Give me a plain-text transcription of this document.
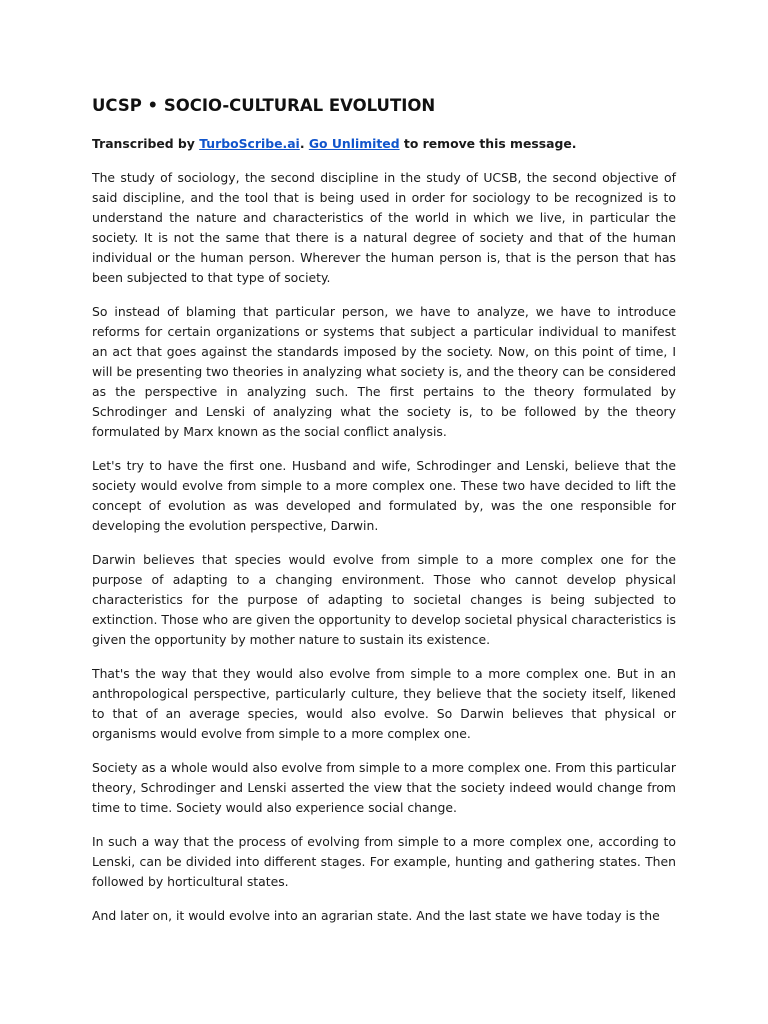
UCSP • SOCIO-CULTURAL EVOLUTION

Transcribed by TurboScribe.ai. Go Unlimited to remove this message.

The study of sociology, the second discipline in the study of UCSB, the second objective of said discipline, and the tool that is being used in order for sociology to be recognized is to understand the nature and characteristics of the world in which we live, in particular the society. It is not the same that there is a natural degree of society and that of the human individual or the human person. Wherever the human person is, that is the person that has been subjected to that type of society.

So instead of blaming that particular person, we have to analyze, we have to introduce reforms for certain organizations or systems that subject a particular individual to manifest an act that goes against the standards imposed by the society. Now, on this point of time, I will be presenting two theories in analyzing what society is, and the theory can be considered as the perspective in analyzing such. The first pertains to the theory formulated by Schrodinger and Lenski of analyzing what the society is, to be followed by the theory formulated by Marx known as the social conflict analysis.

Let's try to have the first one. Husband and wife, Schrodinger and Lenski, believe that the society would evolve from simple to a more complex one. These two have decided to lift the concept of evolution as was developed and formulated by, was the one responsible for developing the evolution perspective, Darwin.

Darwin believes that species would evolve from simple to a more complex one for the purpose of adapting to a changing environment. Those who cannot develop physical characteristics for the purpose of adapting to societal changes is being subjected to extinction. Those who are given the opportunity to develop societal physical characteristics is given the opportunity by mother nature to sustain its existence.

That's the way that they would also evolve from simple to a more complex one. But in an anthropological perspective, particularly culture, they believe that the society itself, likened to that of an average species, would also evolve. So Darwin believes that physical or organisms would evolve from simple to a more complex one.

Society as a whole would also evolve from simple to a more complex one. From this particular theory, Schrodinger and Lenski asserted the view that the society indeed would change from time to time. Society would also experience social change.

In such a way that the process of evolving from simple to a more complex one, according to Lenski, can be divided into different stages. For example, hunting and gathering states. Then followed by horticultural states.

And later on, it would evolve into an agrarian state. And the last state we have today is the
